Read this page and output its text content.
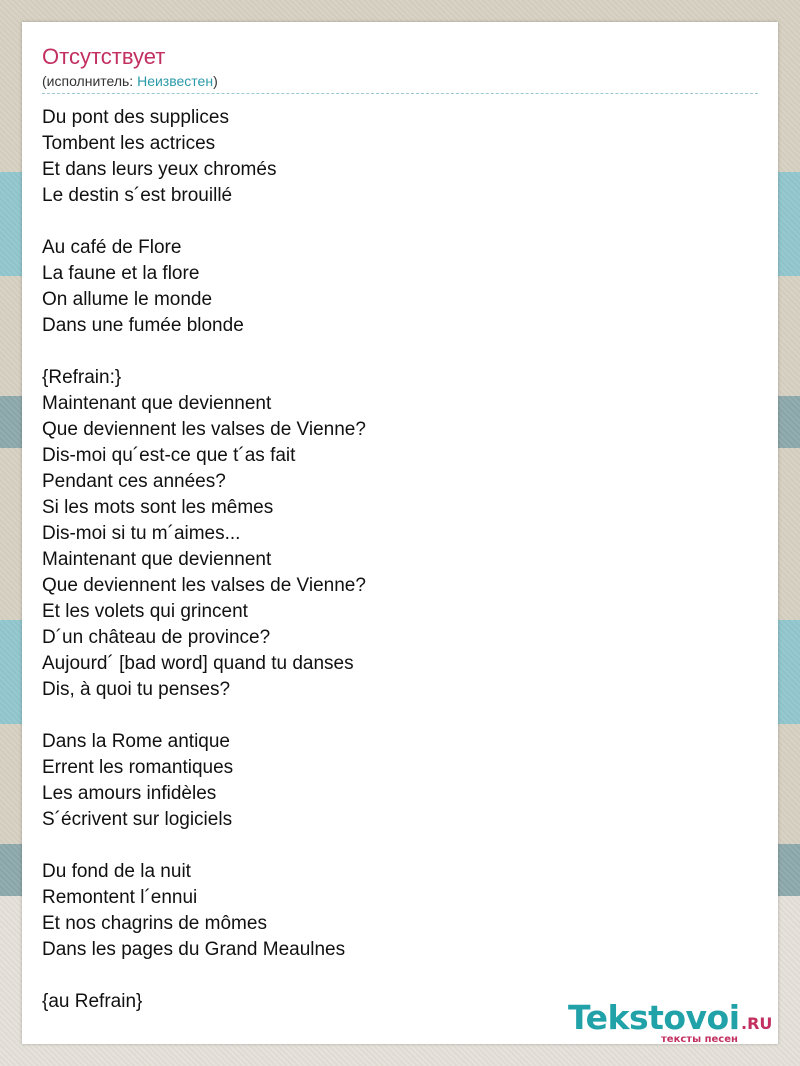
Отсутствует
(исполнитель: Неизвестен)
Du pont des supplices
Tombent les actrices
Et dans leurs yeux chromés
Le destin s´est brouillé

Au café de Flore
La faune et la flore
On allume le monde
Dans une fumée blonde

{Refrain:}
Maintenant que deviennent
Que deviennent les valses de Vienne?
Dis-moi qu´est-ce que t´as fait
Pendant ces années?
Si les mots sont les mêmes
Dis-moi si tu m´aimes...
Maintenant que deviennent
Que deviennent les valses de Vienne?
Et les volets qui grincent
D´un château de province?
Aujourd´ [bad word] quand tu danses
Dis, à quoi tu penses?

Dans la Rome antique
Errent les romantiques
Les amours infidèles
S´écrivent sur logiciels

Du fond de la nuit
Remontent l´ennui
Et nos chagrins de mômes
Dans les pages du Grand Meaulnes

{au Refrain}	Tekstovoi .RU
тексты песен
